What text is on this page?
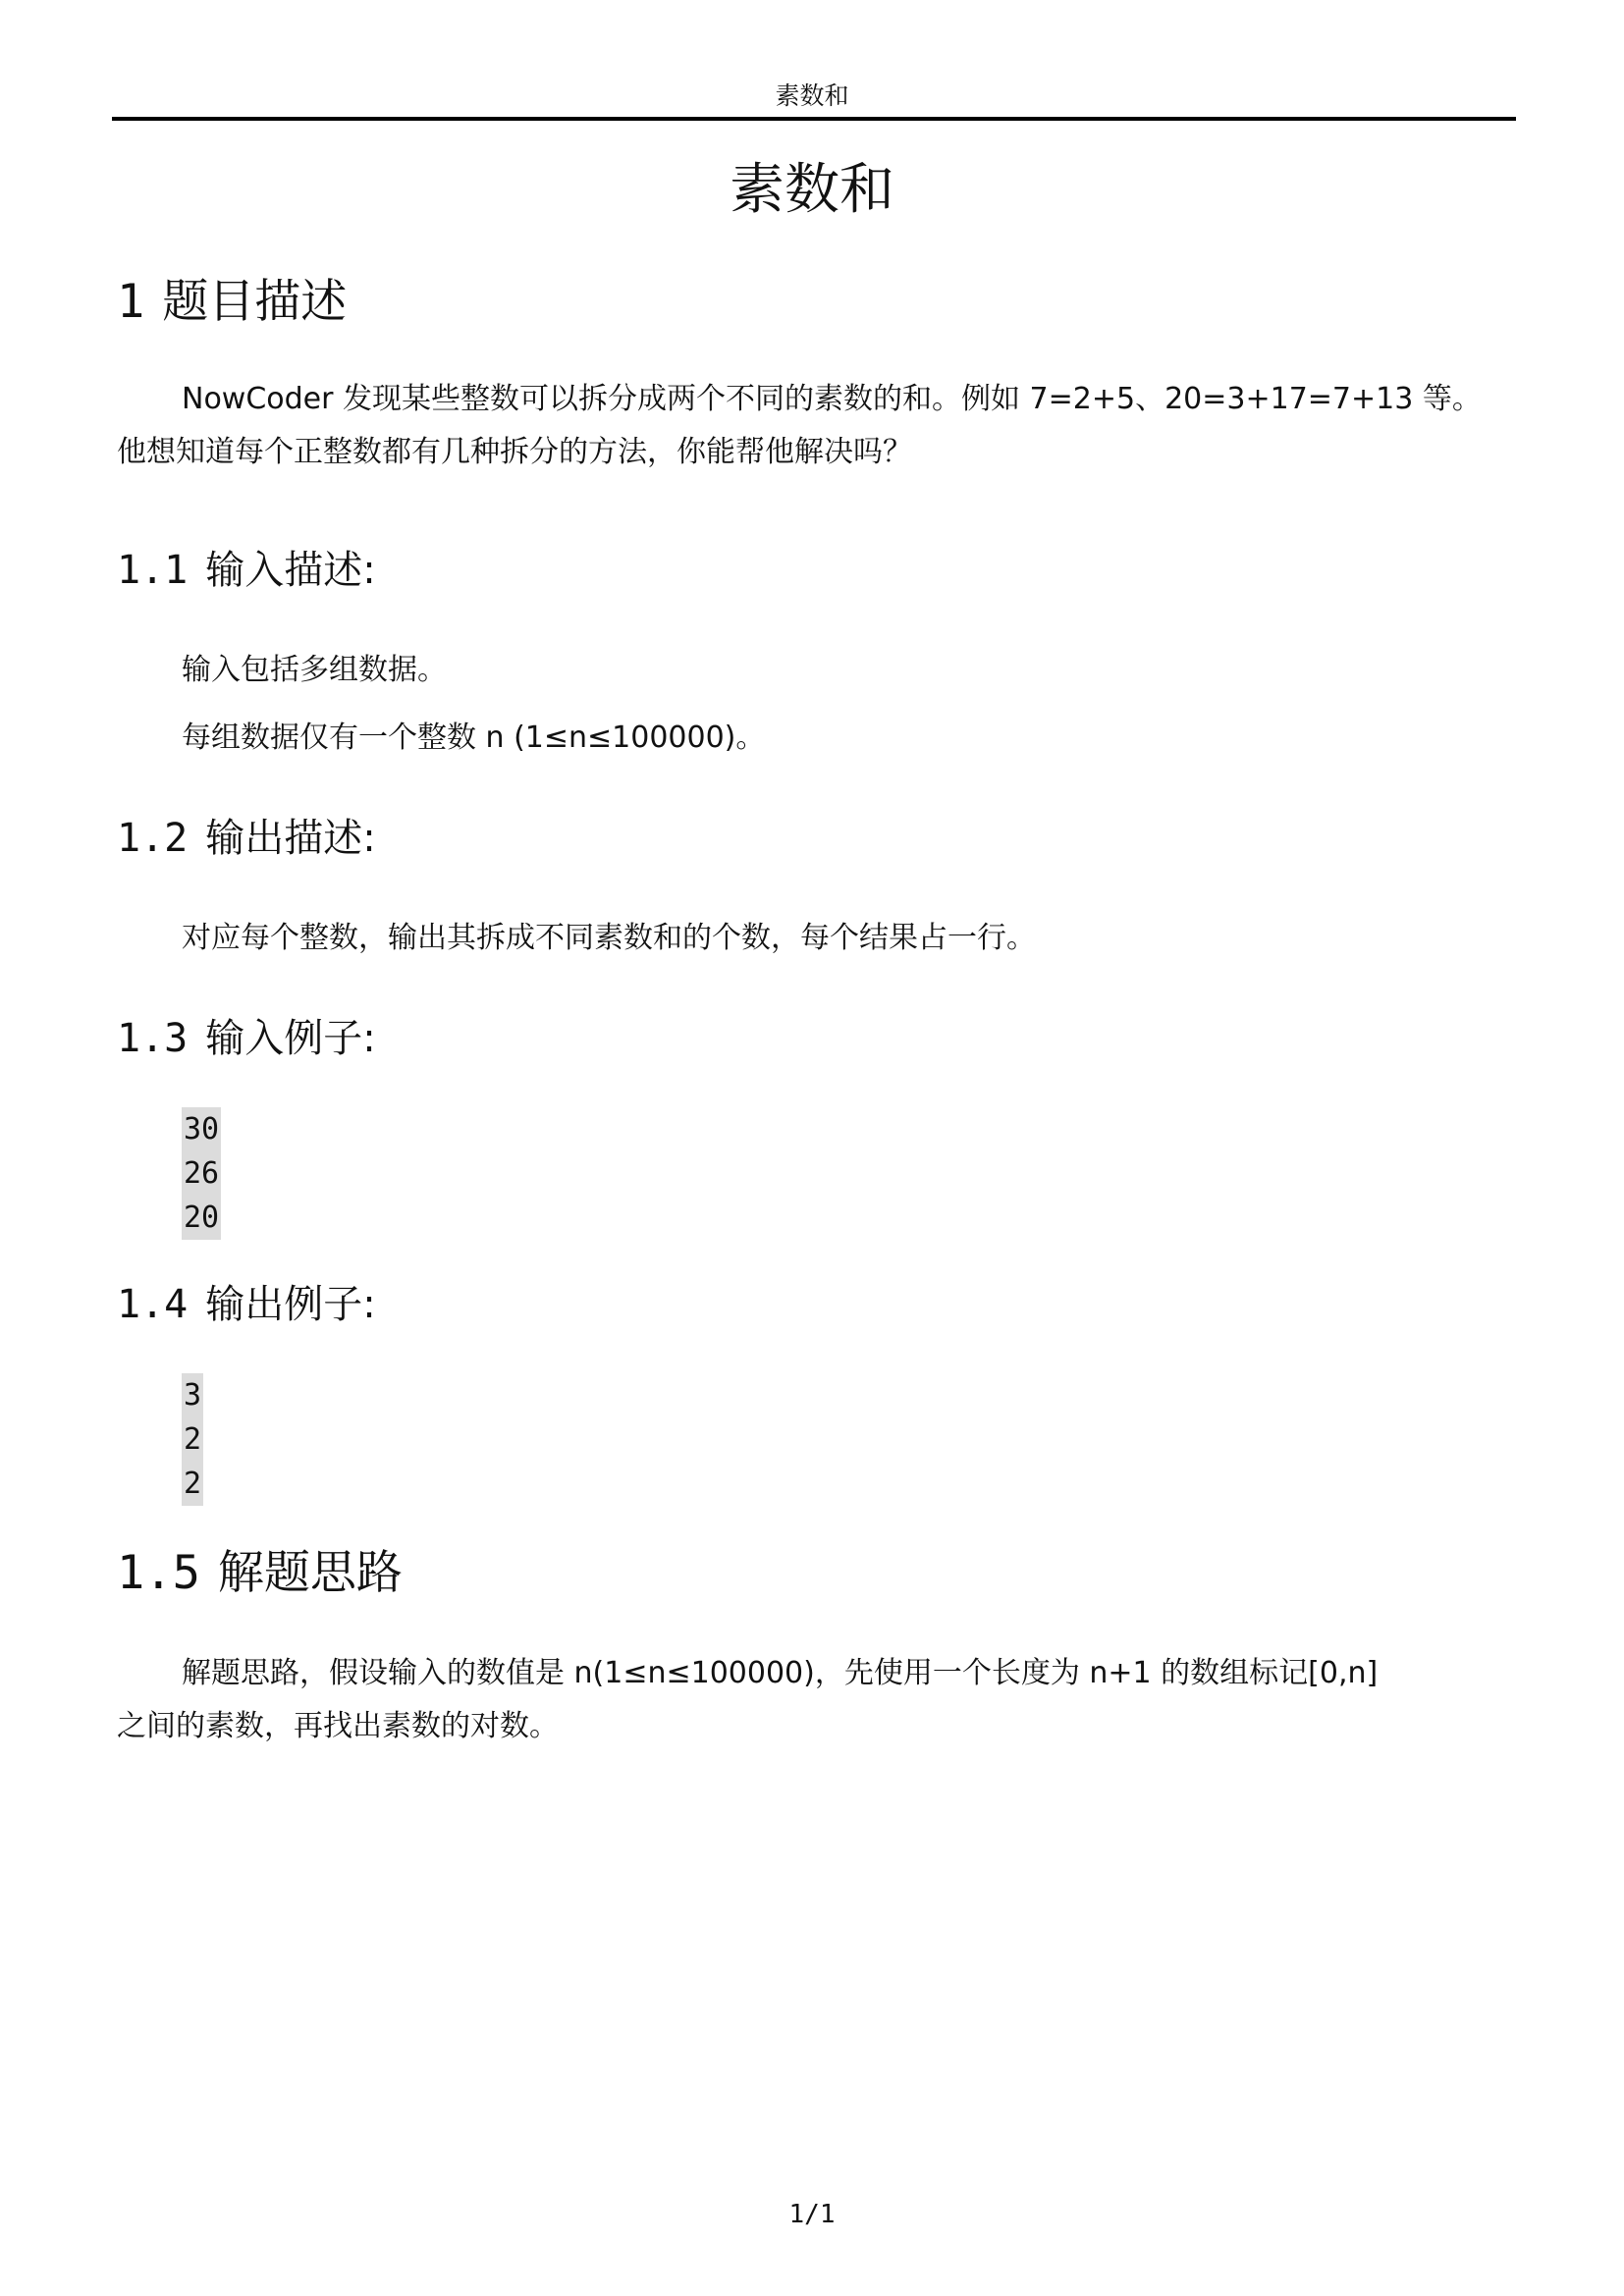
素数和
素数和
1 题目描述

NowCoder 发现某些整数可以拆分成两个不同的素数的和。例如 7=2+5、20=3+17=7+13 等。
他想知道每个正整数都有几种拆分的方法，你能帮他解决吗？

1.1 输入描述:

输入包括多组数据。

每组数据仅有一个整数 n (1≤n≤100000)。

1.2 输出描述:

对应每个整数，输出其拆成不同素数和的个数，每个结果占一行。

1.3 输入例子:
30
26
20
1.4 输出例子:
3
2
2
1.5 解题思路

解题思路，假设输入的数值是 n(1≤n≤100000)，先使用一个长度为 n+1 的数组标记[0,n]
之间的素数，再找出素数的对数。

1/1
